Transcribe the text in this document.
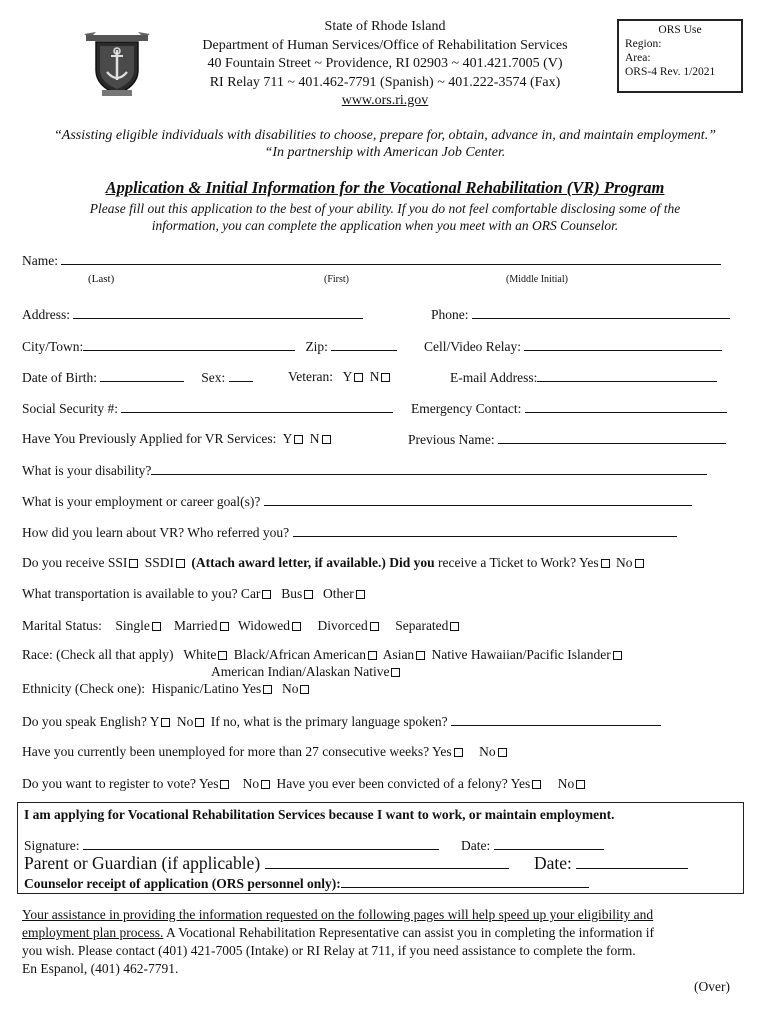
State of Rhode Island
Department of Human Services/Office of Rehabilitation Services
40 Fountain Street ~ Providence, RI 02903 ~ 401.421.7005 (V)
RI Relay 711 ~ 401.462-7791 (Spanish) ~ 401.222-3574 (Fax)
www.ors.ri.gov
ORS Use
Region:
Area:
ORS-4 Rev. 1/2021
“Assisting eligible individuals with disabilities to choose, prepare for, obtain, advance in, and maintain employment.”
“In partnership with American Job Center.
Application & Initial Information for the Vocational Rehabilitation (VR) Program
Please fill out this application to the best of your ability. If you do not feel comfortable disclosing some of the
information, you can complete the application when you meet with an ORS Counselor.
Name:
(Last)	(First)	(Middle Initial)
Address:	Phone:
City/Town:	Zip:	Cell/Video Relay:
Date of Birth:	Sex:	Veteran: Y N	E-mail Address:
Social Security #:	Emergency Contact:
Have You Previously Applied for VR Services: Y N	Previous Name:
What is your disability?
What is your employment or career goal(s)?
How did you learn about VR? Who referred you?
Do you receive SSI SSDI (Attach award letter, if available.) Did you receive a Ticket to Work? Yes No
What transportation is available to you? Car Bus Other
Marital Status: Single Married Widowed Divorced Separated
Race: (Check all that apply) White Black/African American Asian Native Hawaiian/Pacific Islander
American Indian/Alaskan Native
Ethnicity (Check one): Hispanic/Latino Yes No
Do you speak English? Y No If no, what is the primary language spoken?
Have you currently been unemployed for more than 27 consecutive weeks? Yes No
Do you want to register to vote? Yes No Have you ever been convicted of a felony? Yes No
I am applying for Vocational Rehabilitation Services because I want to work, or maintain employment.
Signature:	Date:
Parent or Guardian (if applicable)	Date:
Counselor receipt of application (ORS personnel only):
Your assistance in providing the information requested on the following pages will help speed up your eligibility and
employment plan process. A Vocational Rehabilitation Representative can assist you in completing the information if
you wish. Please contact (401) 421-7005 (Intake) or RI Relay at 711, if you need assistance to complete the form.
En Espanol, (401) 462-7791.
(Over)
